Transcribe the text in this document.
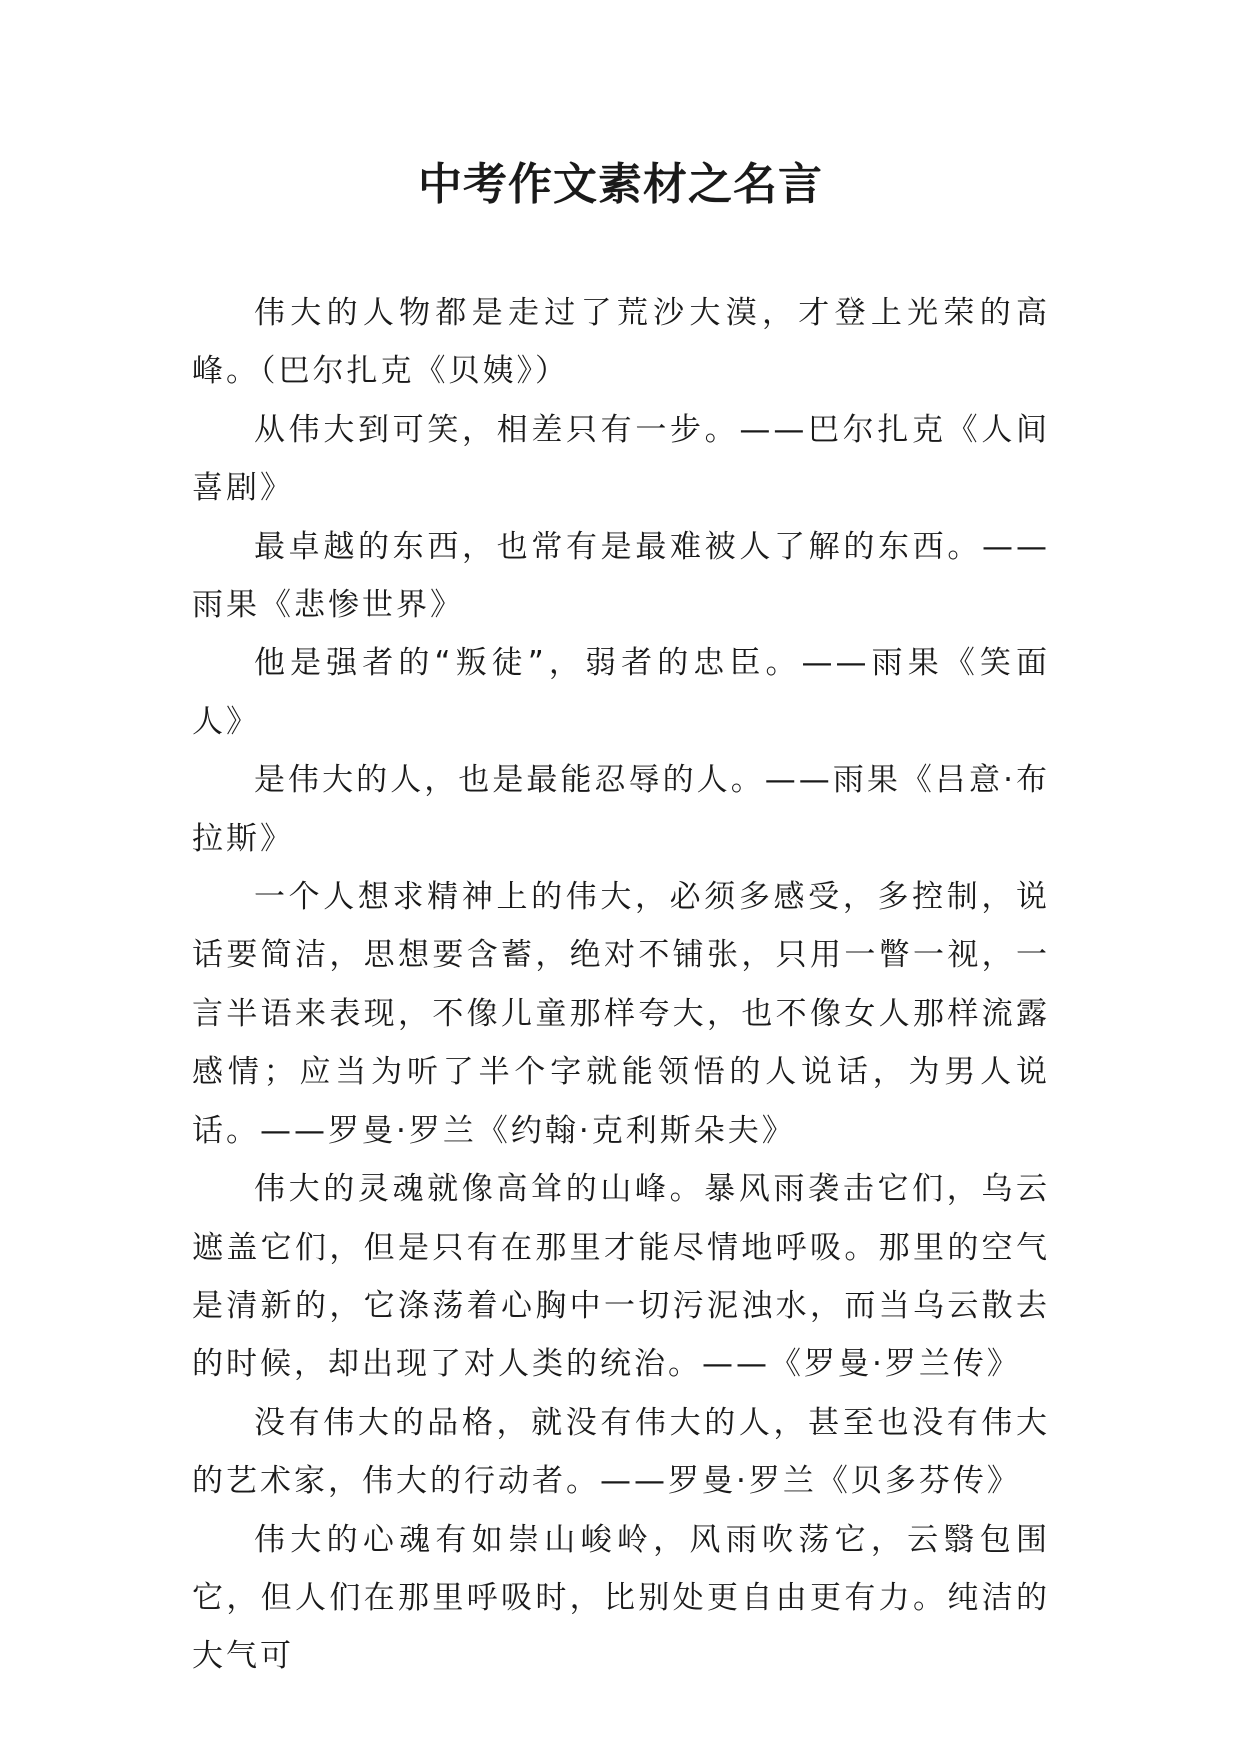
中考作文素材之名言

伟大的人物都是走过了荒沙大漠，才登上光荣的高峰。（巴尔扎克《贝姨》）

从伟大到可笑，相差只有一步。——巴尔扎克《人间喜剧》

最卓越的东西，也常有是最难被人了解的东西。——雨果《悲惨世界》

他是强者的“叛徒”，弱者的忠臣。——雨果《笑面人》

是伟大的人，也是最能忍辱的人。——雨果《吕意·布拉斯》

一个人想求精神上的伟大，必须多感受，多控制，说话要简洁，思想要含蓄，绝对不铺张，只用一瞥一视，一言半语来表现，不像儿童那样夸大，也不像女人那样流露感情；应当为听了半个字就能领悟的人说话，为男人说话。——罗曼·罗兰《约翰·克利斯朵夫》

伟大的灵魂就像高耸的山峰。暴风雨袭击它们，乌云遮盖它们，但是只有在那里才能尽情地呼吸。那里的空气是清新的，它涤荡着心胸中一切污泥浊水，而当乌云散去的时候，却出现了对人类的统治。——《罗曼·罗兰传》

没有伟大的品格，就没有伟大的人，甚至也没有伟大的艺术家，伟大的行动者。——罗曼·罗兰《贝多芬传》

伟大的心魂有如崇山峻岭，风雨吹荡它，云翳包围它，但人们在那里呼吸时，比别处更自由更有力。纯洁的大气可
